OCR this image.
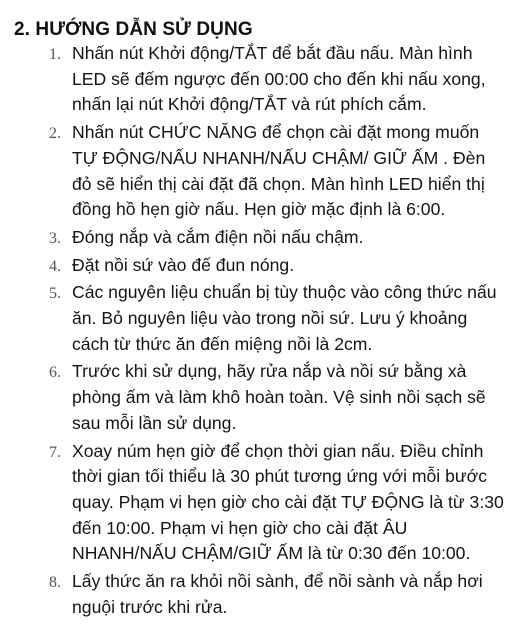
2. HƯỚNG DẪN SỬ DỤNG
1. Nhấn nút Khởi động/TẮT để bắt đầu nấu. Màn hình
LED sẽ đếm ngược đến 00:00 cho đến khi nấu xong,
nhấn lại nút Khởi động/TẮT và rút phích cắm.
2. Nhấn nút CHỨC NĂNG để chọn cài đặt mong muốn
TỰ ĐỘNG/NẤU NHANH/NẤU CHẬM/ GIỮ ẤM . Đèn
đỏ sẽ hiển thị cài đặt đã chọn. Màn hình LED hiển thị
đồng hồ hẹn giờ nấu. Hẹn giờ mặc định là 6:00.
3. Đóng nắp và cắm điện nồi nấu chậm.
4. Đặt nồi sứ vào đế đun nóng.
5. Các nguyên liệu chuẩn bị tùy thuộc vào công thức nấu
ăn. Bỏ nguyên liệu vào trong nồi sứ. Lưu ý khoảng
cách từ thức ăn đến miệng nồi là 2cm.
6. Trước khi sử dụng, hãy rửa nắp và nồi sứ bằng xà
phòng ấm và làm khô hoàn toàn. Vệ sinh nồi sạch sẽ
sau mỗi lần sử dụng.
7. Xoay núm hẹn giờ để chọn thời gian nấu. Điều chỉnh
thời gian tối thiểu là 30 phút tương ứng với mỗi bước
quay. Phạm vi hẹn giờ cho cài đặt TỰ ĐỘNG là từ 3:30
đến 10:00. Phạm vi hẹn giờ cho cài đặt ÂU
NHANH/NẤU CHẬM/GIỮ ẤM là từ 0:30 đến 10:00.
8. Lấy thức ăn ra khỏi nồi sành, để nồi sành và nắp hơi
nguội trước khi rửa.
